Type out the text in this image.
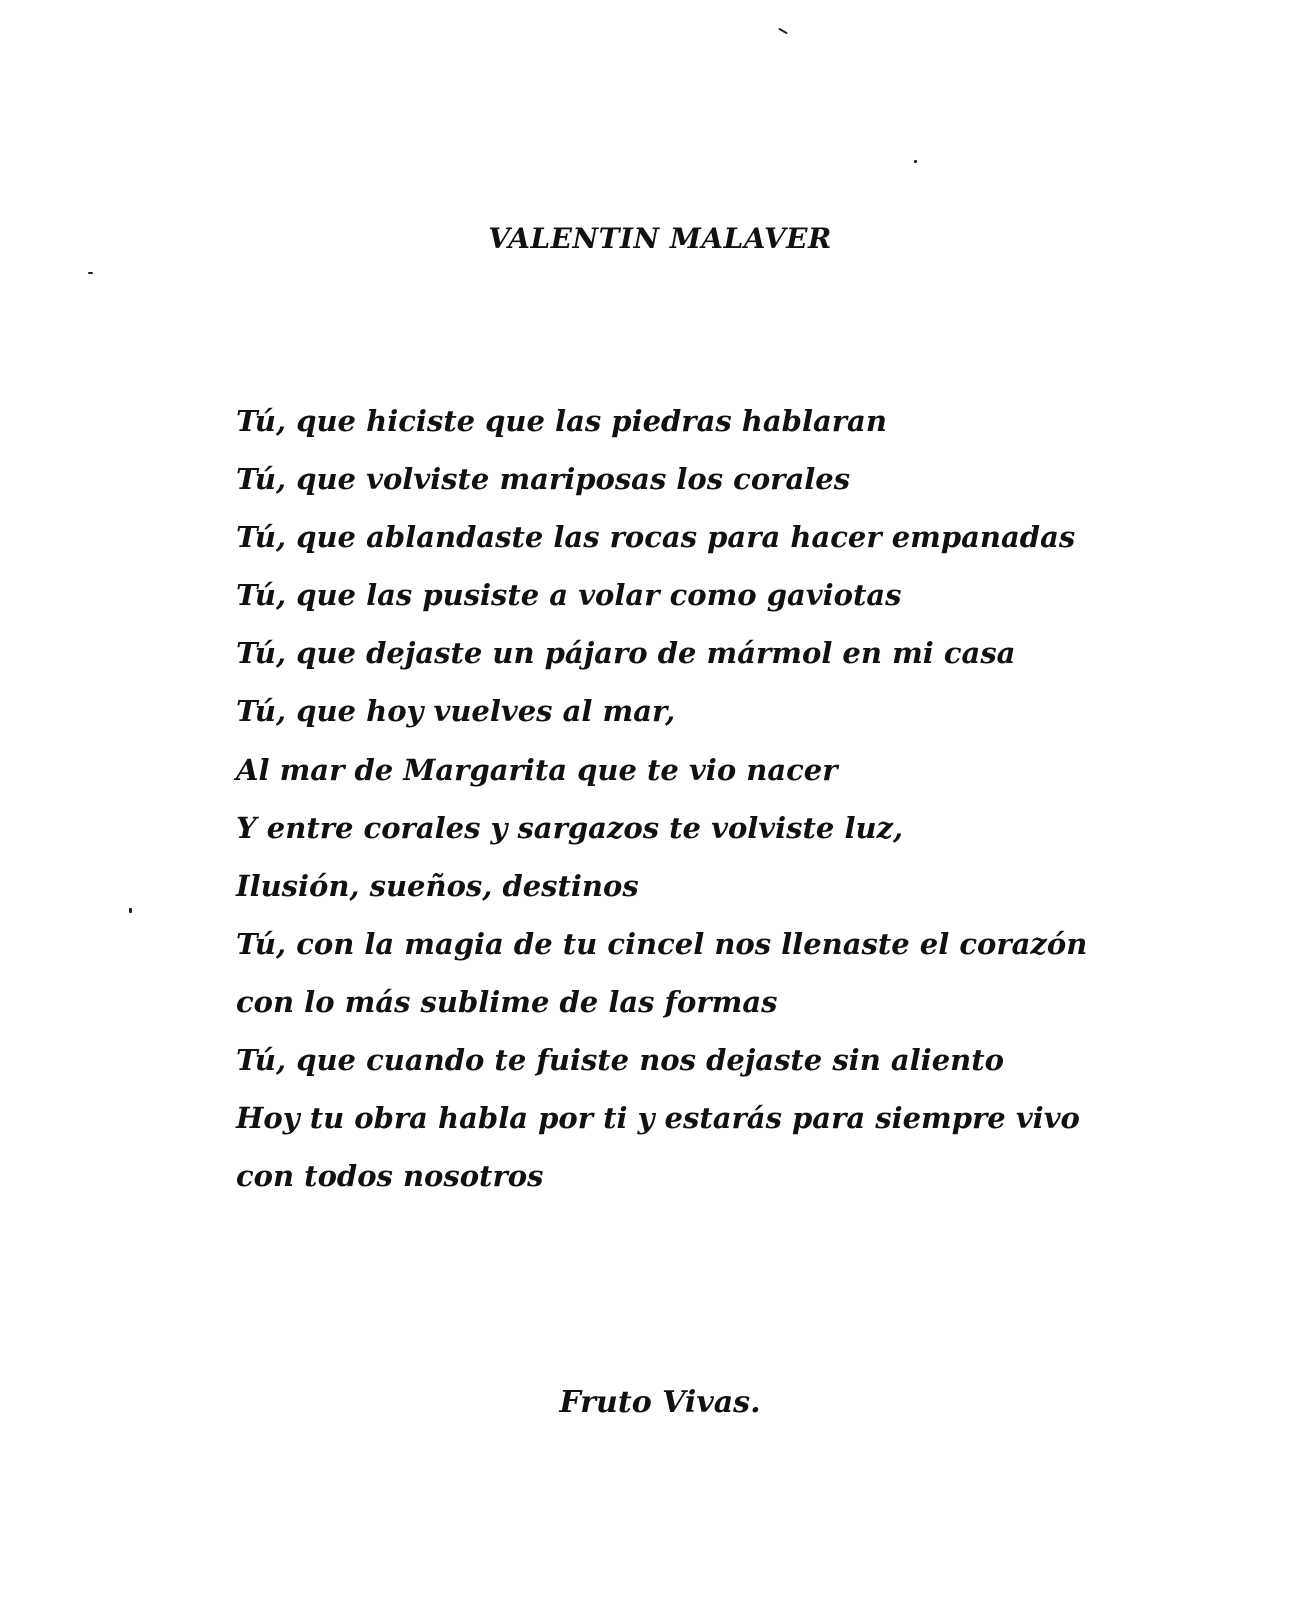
VALENTIN MALAVER
Tú, que hiciste que las piedras hablaran
Tú, que volviste mariposas los corales
Tú, que ablandaste las rocas para hacer empanadas
Tú, que las pusiste a volar como gaviotas
Tú, que dejaste un pájaro de mármol en mi casa
Tú, que hoy vuelves al mar,
Al mar de Margarita que te vio nacer
Y entre corales y sargazos te volviste luz,
Ilusión, sueños, destinos
Tú, con la magia de tu cincel nos llenaste el corazón
con lo más sublime de las formas
Tú, que cuando te fuiste nos dejaste sin aliento
Hoy tu obra habla por ti y estarás para siempre vivo
con todos nosotros
Fruto Vivas.
